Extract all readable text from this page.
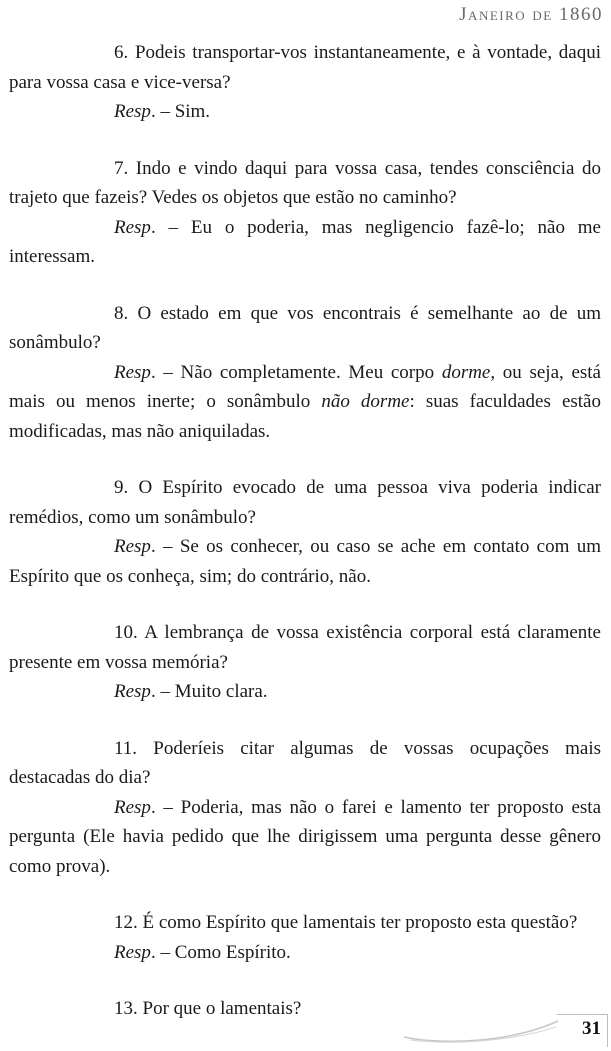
Janeiro de 1860

6. Podeis transportar-vos instantaneamente, e à vontade, daqui para vossa casa e vice-versa?

Resp. – Sim.

7. Indo e vindo daqui para vossa casa, tendes consciência do trajeto que fazeis? Vedes os objetos que estão no caminho?

Resp. – Eu o poderia, mas negligencio fazê-lo; não me interessam.

8. O estado em que vos encontrais é semelhante ao de um sonâmbulo?

Resp. – Não completamente. Meu corpo dorme, ou seja, está mais ou menos inerte; o sonâmbulo não dorme: suas faculdades estão modificadas, mas não aniquiladas.

9. O Espírito evocado de uma pessoa viva poderia indicar remédios, como um sonâmbulo?

Resp. – Se os conhecer, ou caso se ache em contato com um Espírito que os conheça, sim; do contrário, não.

10. A lembrança de vossa existência corporal está claramente presente em vossa memória?

Resp. – Muito clara.

11. Poderíeis citar algumas de vossas ocupações mais destacadas do dia?

Resp. – Poderia, mas não o farei e lamento ter proposto esta pergunta (Ele havia pedido que lhe dirigissem uma pergunta desse gênero como prova).

12. É como Espírito que lamentais ter proposto esta questão?

Resp. – Como Espírito.

13. Por que o lamentais?

31
